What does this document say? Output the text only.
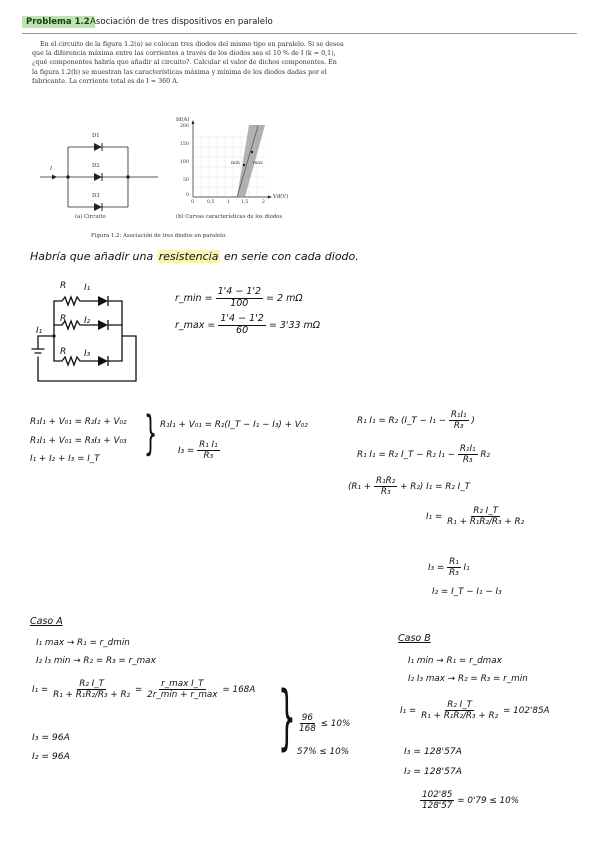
Problema 1.2 Asociación de tres dispositivos en paralelo
En el circuito de la figura 1.2(a) se colocan tres diodos del mismo tipo en paralelo. Si se desea
que la diferencia máxima entre las corrientes a través de los diodos sea el 10 % de I (k = 0,1),
¿qué componentes habría que añadir al circuito?. Calcular el valor de dichos componentes. En
la figura 1.2(b) se muestran las características máxima y mínima de los diodos dadas por el
fabricante. La corriente total es de I = 360 A.
D1
D2
D3
I
Id(A)
Vd(V)
200
150
100
50
0
0	0,5	1 1,5	2
min	max
(a) Circuito	(b) Curvas características de los diodos
Figura 1.2: Asociación de tres diodos en paralelo.
Habría que añadir una resistencia en serie con cada diodo.
R I₁
R I₂
R I₃
I₁
r_min = $\frac{1'4 - 1'2}{100} = 2$ mΩ
r_max = $\frac{1'4 - 1'2}{60} = 3'33$ mΩ
R₁I₁ + V₀₁ = R₂I₂ + V₀₂
R₁I₁ + V₀₁ = R₃I₃ + V₀₃
I₁ + I₂ + I₃ = I_T } R₁I₁ + V₀₁ = R₂(I_T − I₁ − I₃) + V₀₂
$I_3 = \frac{\text{R₁ I₁}}{\text{R₃}}$
R₁ I₁ = R₂ (I_T − $I_1 - \frac{\text{R₁I₁}}{\text{R₃}}$ )
R₁ I₁ = R₂ I_T − R₂ $I_1 - \frac{\text{R₁I₁}}{\text{R₃}} R_2$
$(R_1 + \frac{\text{R₁R₂}}{\text{R₃}} + R_2)$ I₁ = R₂ I_T
$I_1 = \frac{\text{R₂ I\_T}}{\text{R₁ + R₁R₂/R₃ + R₂}}$
$I_3 = \frac{\text{R₁}}{\text{R₃}} I_1$
I₂ = I_T − I₁ − I₃
Caso A
I₁ max → R₁ = r_dmin
I₂ I₃ min → R₂ = R₃ = r_max
$I_1 = \frac{\text{R₂ I\_T}}{\text{R₁ + R₁R₂/R₃ + R₂}} = \frac{\text{r\_max I\_T}}{2r\_\min + r\_\max} = 168A$
I₃ = 96A
I₂ = 96A	} $\frac{96}{168} \le 10\%$
57% ≤ 10%
Caso B
I₁ min → R₁ = r_dmax
I₂ I₃ max → R₂ = R₃ = r_min
$I_1 = \frac{\text{R₂ I\_T}}{\text{R₁ + R₁R₂/R₃ + R₂}} = 102'85A$
I₃ = 128'57A
I₂ = 128'57A
$\frac{102'85}{128'57} = 0'79 \le 10\%$
